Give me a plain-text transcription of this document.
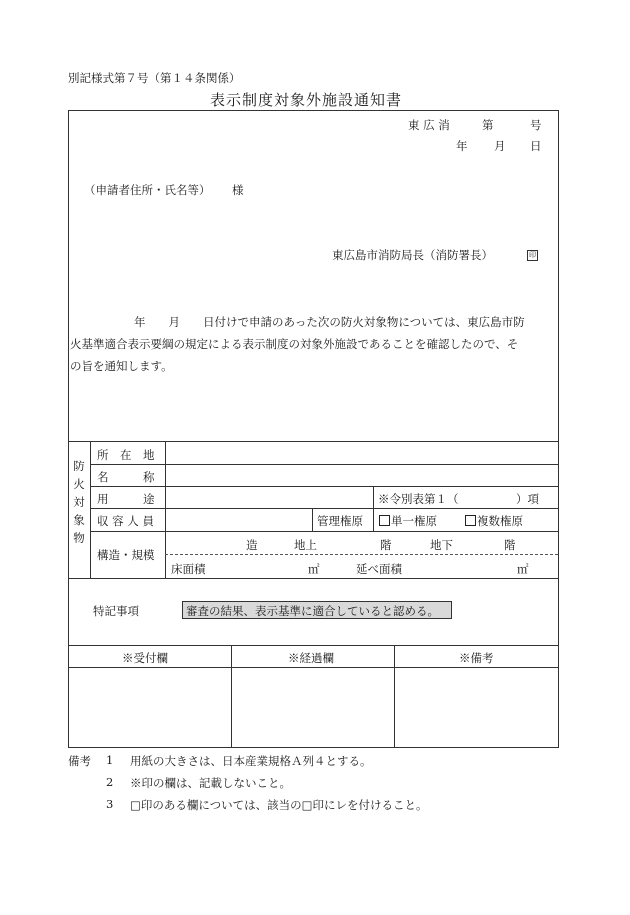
別記様式第７号（第１４条関係）
表示制度対象外施設通知書
東 広 消	第	号
年 月 日
（申請者住所・氏名等） 様
東広島市消防局長（消防署長）	印
年　　月　　日付けで申請のあった次の防火対象物については、東広島市防
火基準適合表示要綱の規定による表示制度の対象外施設であることを確認したので、そ
の旨を通知します。
防
火
対
象
物
所　在　地
名　　　称
用　　　途	※令別表第１（　　　　　）項
収 容 人 員	管理権原	単一権原	複数権原
構造・規模
造	地上	階	地下	階
床面積	㎡	延べ面積	㎡
特記事項	審査の結果、表示基準に適合していると認める。
※受付欄	※経過欄	※備考
備考 1 用紙の大きさは、日本産業規格Ａ列４とする。
2 ※印の欄は、記載しないこと。
3 □印のある欄については、該当の□印にレを付けること。
